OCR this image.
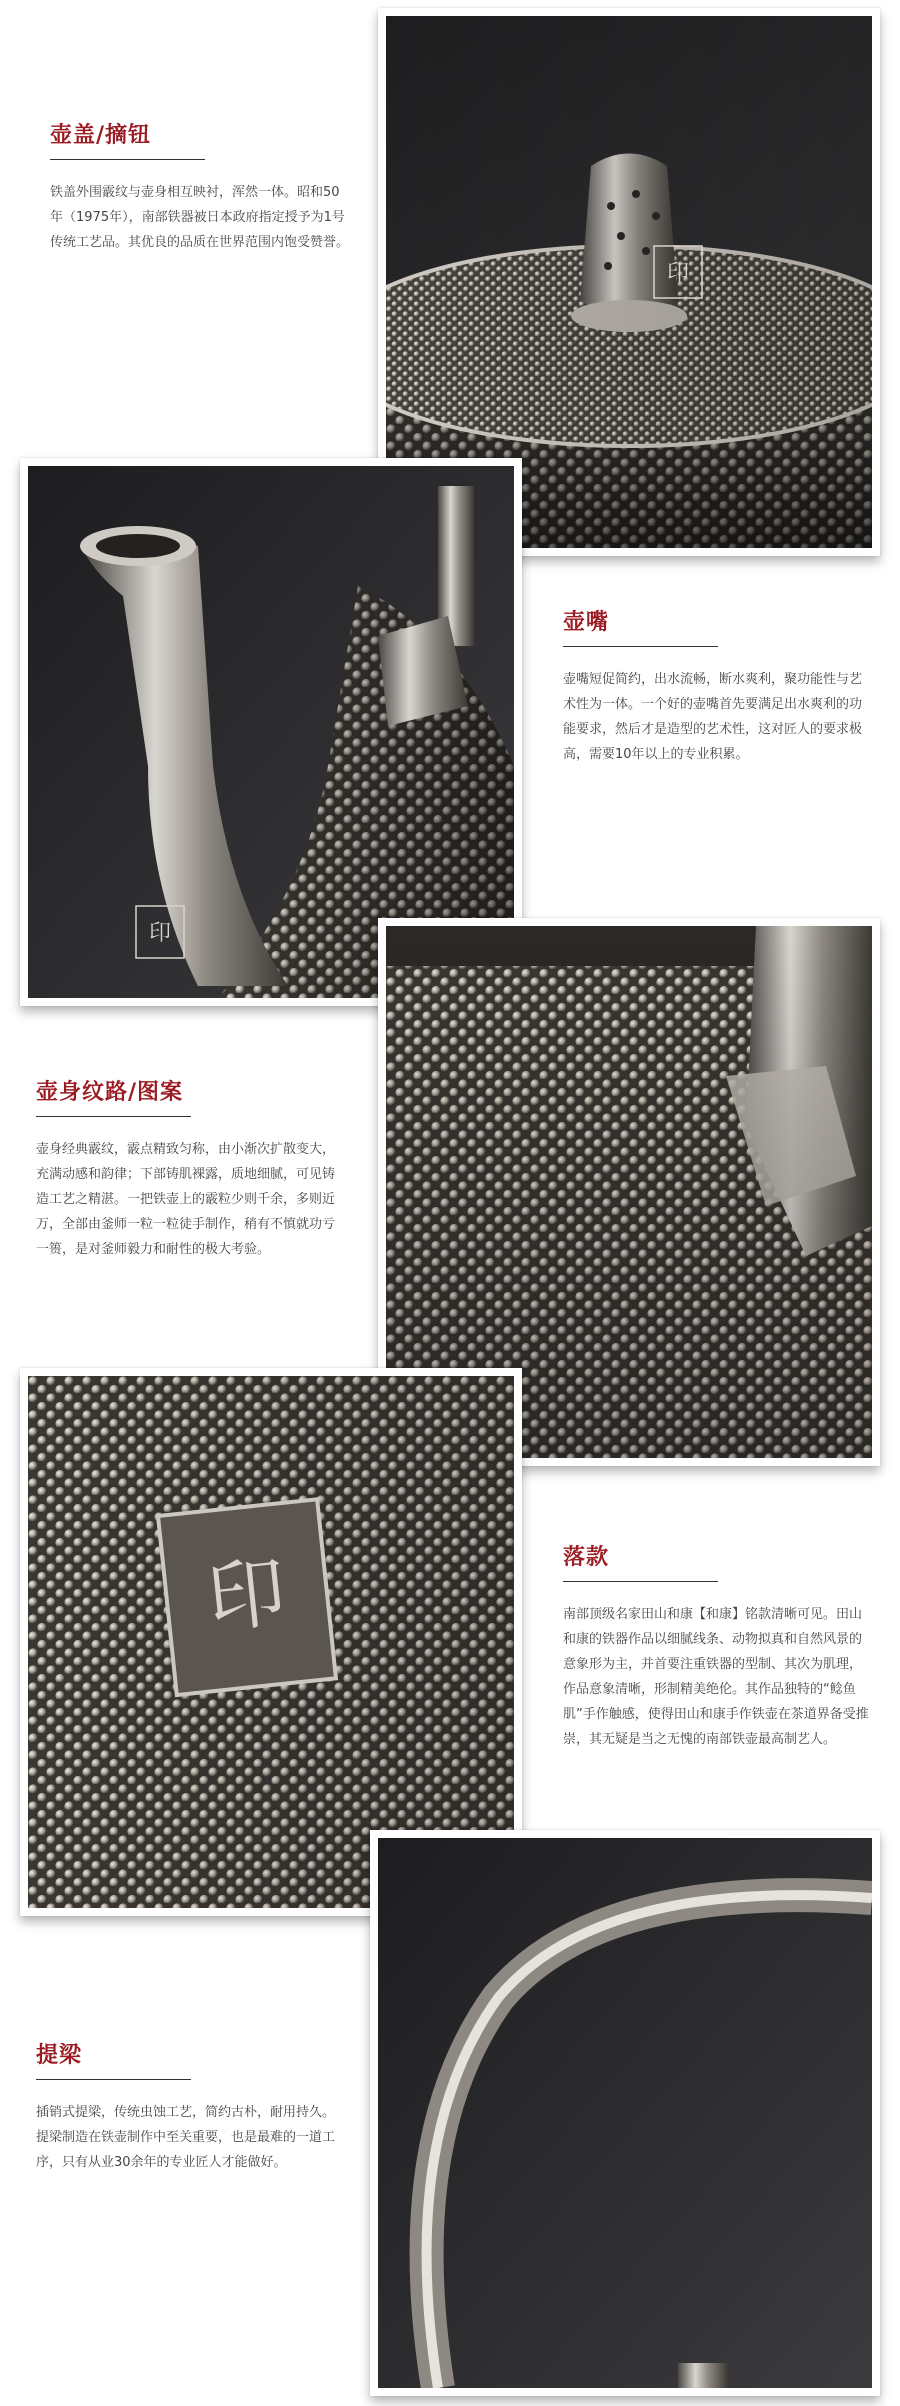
壶盖/摘钮

铁盖外围霰纹与壶身相互映衬，浑然一体。昭和50年（1975年），南部铁器被日本政府指定授予为1号传统工艺品。其优良的品质在世界范围内饱受赞誉。

印
印
壶嘴

壶嘴短促简约，出水流畅，断水爽利，聚功能性与艺术性为一体。一个好的壶嘴首先要满足出水爽利的功能要求，然后才是造型的艺术性，这对匠人的要求极高，需要10年以上的专业积累。

壶身纹路/图案

壶身经典霰纹，霰点精致匀称，由小渐次扩散变大，充满动感和韵律；下部铸肌裸露，质地细腻，可见铸造工艺之精湛。一把铁壶上的霰粒少则千余，多则近万，全部由釜师一粒一粒徒手制作，稍有不慎就功亏一篑，是对釜师毅力和耐性的极大考验。

印	落款

南部顶级名家田山和康【和康】铭款清晰可见。田山和康的铁器作品以细腻线条、动物拟真和自然风景的意象形为主，并首要注重铁器的型制、其次为肌理，作品意象清晰，形制精美绝伦。其作品独特的“鲶鱼肌”手作触感，使得田山和康手作铁壶在茶道界备受推崇，其无疑是当之无愧的南部铁壶最高制艺人。

提梁

插销式提梁，传统虫蚀工艺，简约古朴，耐用持久。提梁制造在铁壶制作中至关重要，也是最难的一道工序，只有从业30余年的专业匠人才能做好。
